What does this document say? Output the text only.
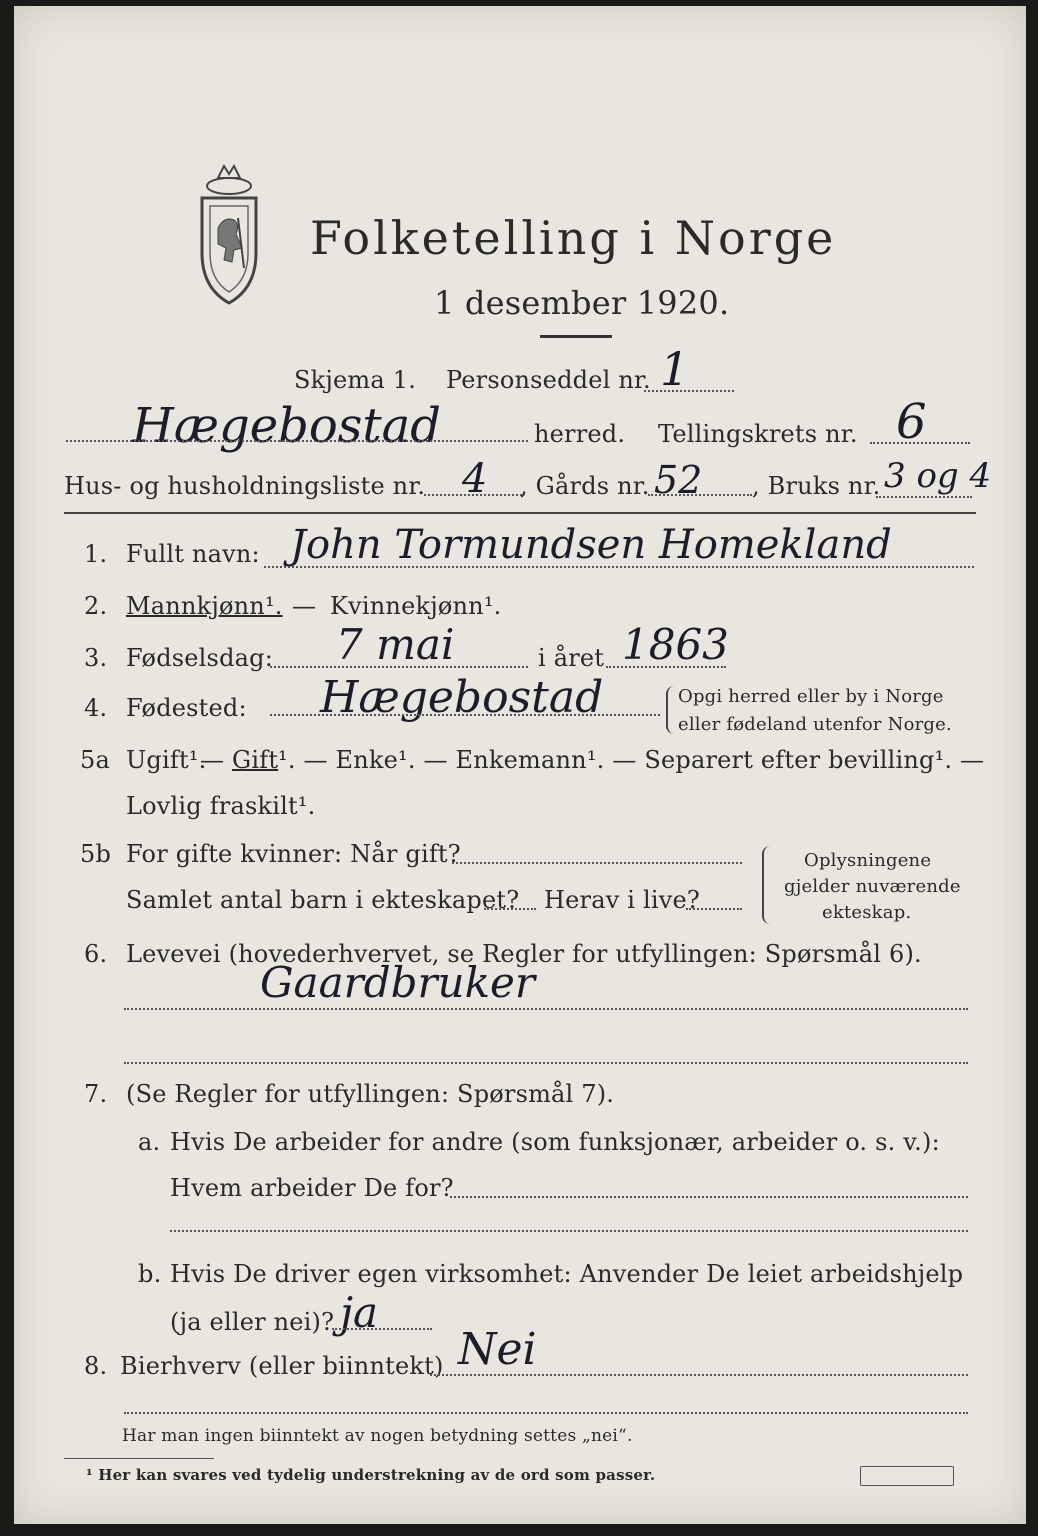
Folketelling i Norge
1 desember 1920.
Skjema 1. Personseddel nr. 1
Hægebostad	herred. Tellingskrets nr. 6
Hus- og husholdningsliste nr. 4 , Gårds nr. 52 , Bruks nr. 3 og 4
1. Fullt navn: John Tormundsen Homekland
2. Mannkjønn¹. — Kvinnekjønn¹.
3. Fødselsdag: 7 mai	i året 1863
4. Fødested: Hægebostad	Opgi herred eller by i Norge
eller fødeland utenfor Norge.
5a Ugift¹.
— Gift ¹. — Enke¹. — Enkemann¹. — Separert efter bevilling¹. —
Lovlig fraskilt¹.
5b For gifte kvinner: Når gift?
Samlet antal barn i ekteskapet? Herav i live?
Oplysningene
gjelder nuværende
ekteskap.
6. Levevei (hovederhvervet, se Regler for utfyllingen: Spørsmål 6).
Gaardbruker
7. (Se Regler for utfyllingen: Spørsmål 7).
a. Hvis De arbeider for andre (som funksjonær, arbeider o. s. v.):
Hvem arbeider De for?
b. Hvis De driver egen virksomhet: Anvender De leiet arbeidshjelp
(ja eller nei)? ja
8. Bierhverv (eller biinntekt) Nei
Har man ingen biinntekt av nogen betydning settes „nei“.
¹ Her kan svares ved tydelig understrekning av de ord som passer.
